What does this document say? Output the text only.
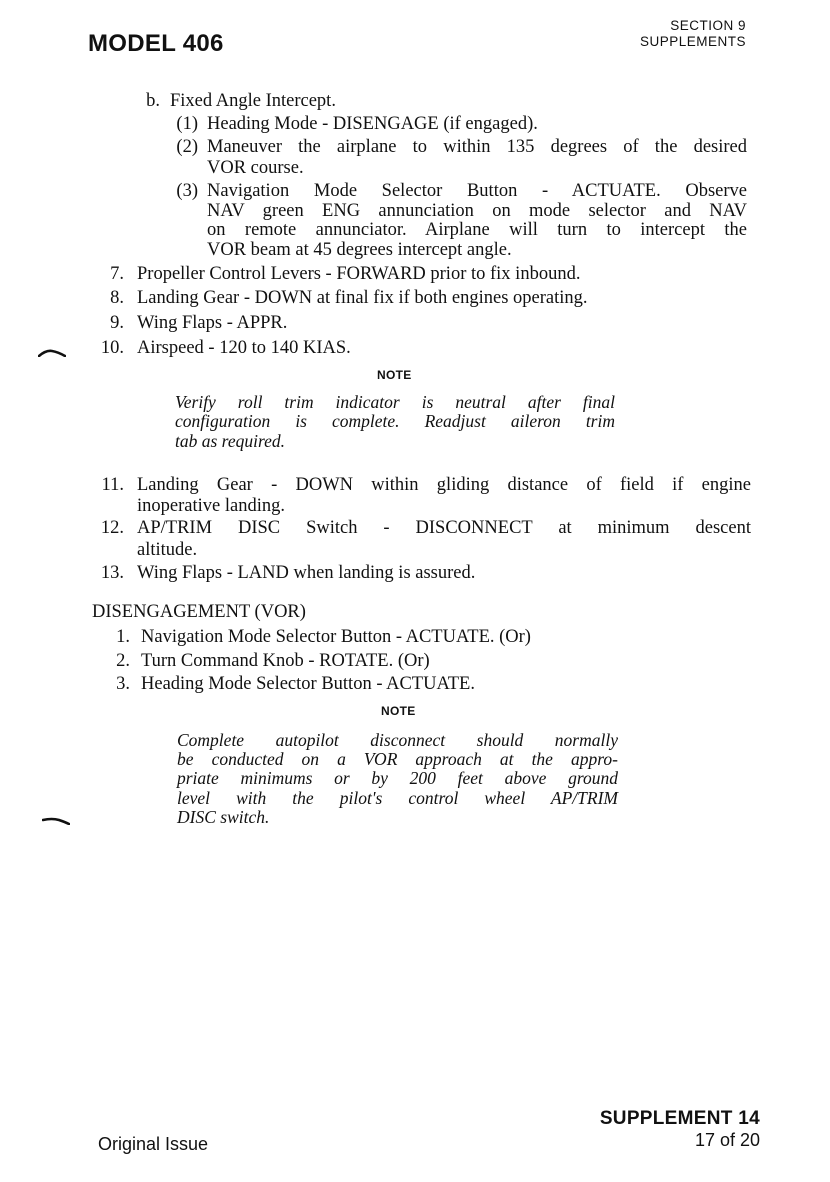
MODEL 406
SECTION 9
SUPPLEMENTS
b. Fixed Angle Intercept.
(1) Heading Mode - DISENGAGE (if engaged).
(2) Maneuver the airplane to within 135 degrees of the desired
VOR course.
(3) Navigation Mode Selector Button - ACTUATE. Observe
NAV green ENG annunciation on mode selector and NAV
on remote annunciator. Airplane will turn to intercept the
VOR beam at 45 degrees intercept angle.
7. Propeller Control Levers - FORWARD prior to fix inbound.
8. Landing Gear - DOWN at final fix if both engines operating.
9. Wing Flaps - APPR.
10. Airspeed - 120 to 140 KIAS.
NOTE
Verify roll trim indicator is neutral after final
configuration is complete. Readjust aileron trim
tab as required.
11. Landing Gear - DOWN within gliding distance of field if engine
inoperative landing.
12. AP/TRIM DISC Switch - DISCONNECT at minimum descent
altitude.
13. Wing Flaps - LAND when landing is assured.
DISENGAGEMENT (VOR)
1. Navigation Mode Selector Button - ACTUATE. (Or)
2. Turn Command Knob - ROTATE. (Or)
3. Heading Mode Selector Button - ACTUATE.
NOTE
Complete autopilot disconnect should normally
be conducted on a VOR approach at the appro-
priate minimums or by 200 feet above ground
level with the pilot's control wheel AP/TRIM
DISC switch.
Original Issue
SUPPLEMENT 14
17 of 20
